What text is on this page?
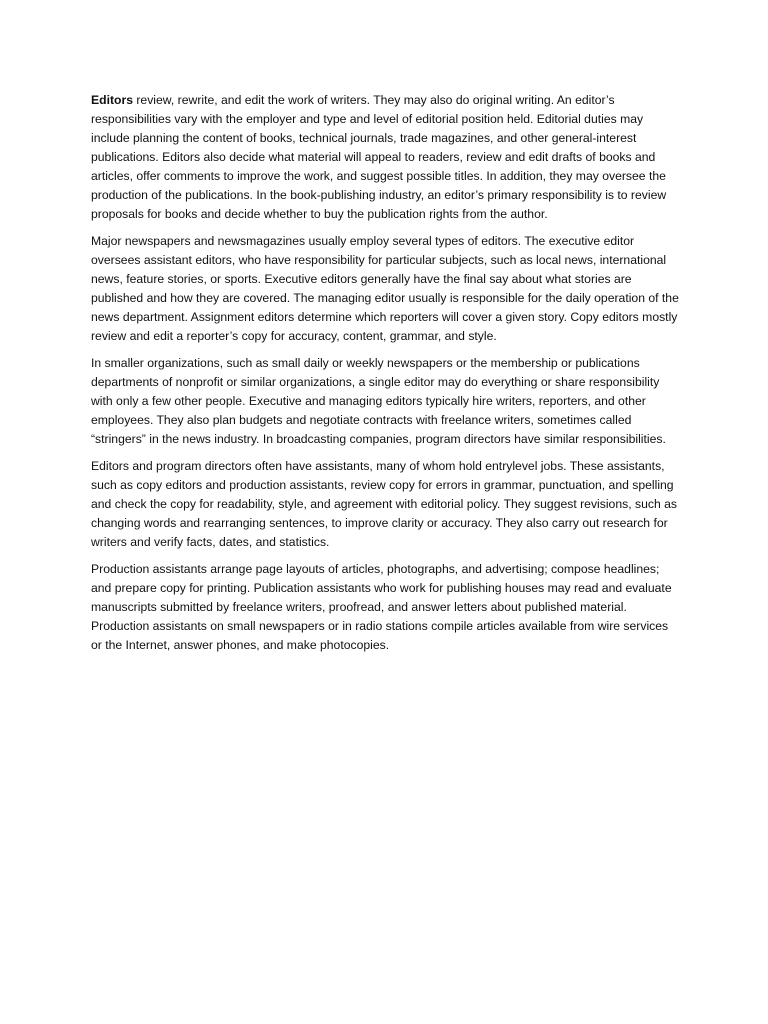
Editors review, rewrite, and edit the work of writers. They may also do original writing. An editor’s responsibilities vary with the employer and type and level of editorial position held. Editorial duties may include planning the content of books, technical journals, trade magazines, and other general-interest publications. Editors also decide what material will appeal to readers, review and edit drafts of books and articles, offer comments to improve the work, and suggest possible titles. In addition, they may oversee the production of the publications. In the book-publishing industry, an editor’s primary responsibility is to review proposals for books and decide whether to buy the publication rights from the author.

Major newspapers and newsmagazines usually employ several types of editors. The executive editor oversees assistant editors, who have responsibility for particular subjects, such as local news, international news, feature stories, or sports. Executive editors generally have the final say about what stories are published and how they are covered. The managing editor usually is responsible for the daily operation of the news department. Assignment editors determine which reporters will cover a given story. Copy editors mostly review and edit a reporter’s copy for accuracy, content, grammar, and style.

In smaller organizations, such as small daily or weekly newspapers or the membership or publications departments of nonprofit or similar organizations, a single editor may do everything or share responsibility with only a few other people. Executive and managing editors typically hire writers, reporters, and other employees. They also plan budgets and negotiate contracts with freelance writers, sometimes called “stringers” in the news industry. In broadcasting companies, program directors have similar responsibilities.

Editors and program directors often have assistants, many of whom hold entrylevel jobs. These assistants, such as copy editors and production assistants, review copy for errors in grammar, punctuation, and spelling and check the copy for readability, style, and agreement with editorial policy. They suggest revisions, such as changing words and rearranging sentences, to improve clarity or accuracy. They also carry out research for writers and verify facts, dates, and statistics.

Production assistants arrange page layouts of articles, photographs, and advertising; compose headlines; and prepare copy for printing. Publication assistants who work for publishing houses may read and evaluate manuscripts submitted by freelance writers, proofread, and answer letters about published material. Production assistants on small newspapers or in radio stations compile articles available from wire services or the Internet, answer phones, and make photocopies.
